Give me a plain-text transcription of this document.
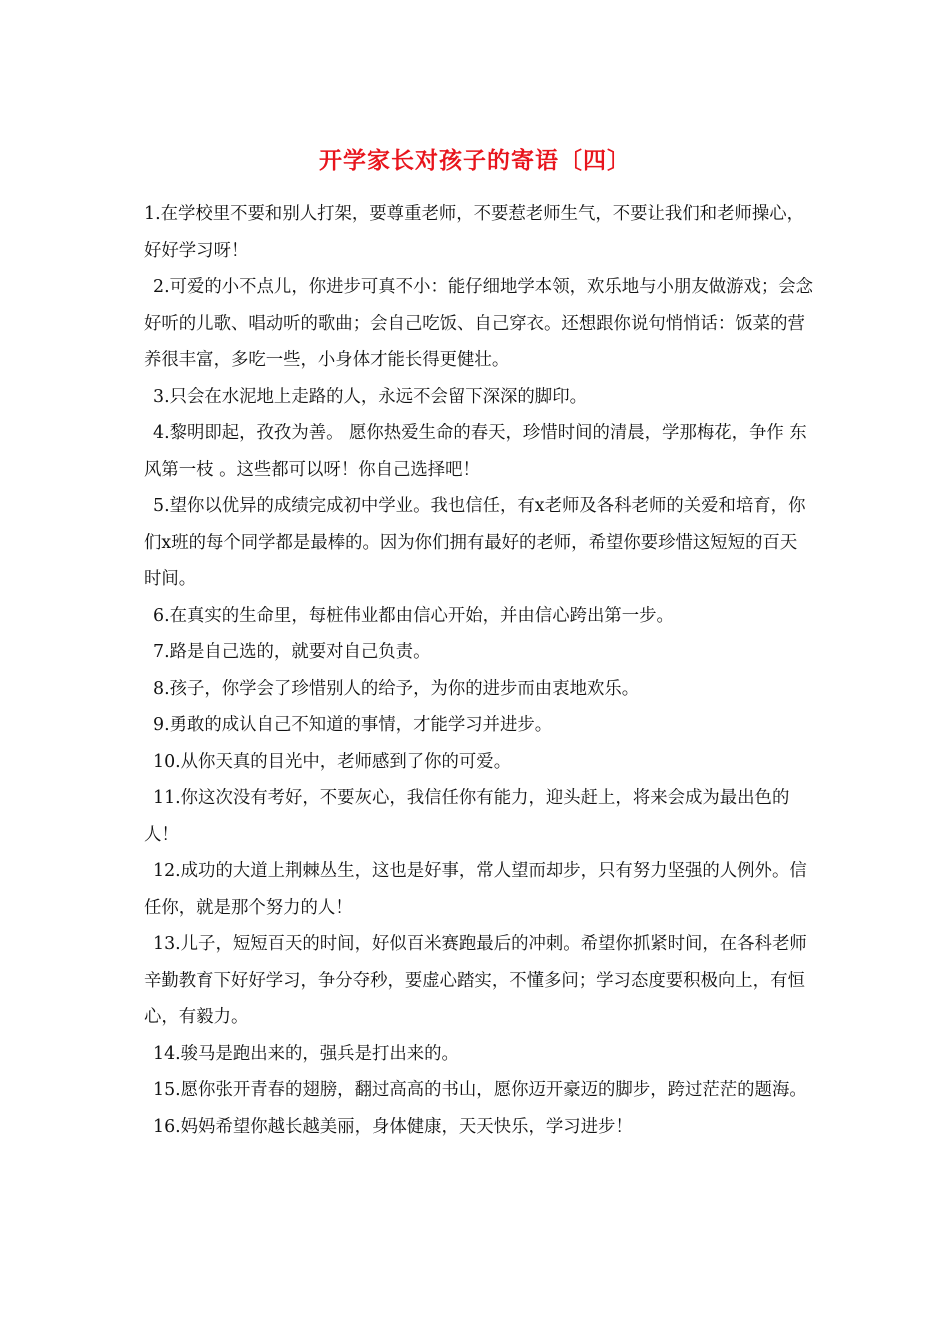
开学家长对孩子的寄语〔四〕

1.在学校里不要和别人打架，要尊重老师，不要惹老师生气，不要让我们和老师操心，好好学习呀！

2.可爱的小不点儿，你进步可真不小：能仔细地学本领，欢乐地与小朋友做游戏；会念好听的儿歌、唱动听的歌曲；会自己吃饭、自己穿衣。还想跟你说句悄悄话：饭菜的营养很丰富，多吃一些，小身体才能长得更健壮。

3.只会在水泥地上走路的人，永远不会留下深深的脚印。

4.黎明即起，孜孜为善。 愿你热爱生命的春天，珍惜时间的清晨，学那梅花，争作 东风第一枝 。这些都可以呀！你自己选择吧！

5.望你以优异的成绩完成初中学业。我也信任，有x老师及各科老师的关爱和培育，你们x班的每个同学都是最棒的。因为你们拥有最好的老师，希望你要珍惜这短短的百天时间。

6.在真实的生命里，每桩伟业都由信心开始，并由信心跨出第一步。

7.路是自己选的，就要对自己负责。

8.孩子，你学会了珍惜别人的给予，为你的进步而由衷地欢乐。

9.勇敢的成认自己不知道的事情，才能学习并进步。

10.从你天真的目光中，老师感到了你的可爱。

11.你这次没有考好，不要灰心，我信任你有能力，迎头赶上，将来会成为最出色的人！

12.成功的大道上荆棘丛生，这也是好事，常人望而却步，只有努力坚强的人例外。信任你，就是那个努力的人！

13.儿子，短短百天的时间，好似百米赛跑最后的冲刺。希望你抓紧时间，在各科老师辛勤教育下好好学习，争分夺秒，要虚心踏实，不懂多问；学习态度要积极向上，有恒心，有毅力。

14.骏马是跑出来的，强兵是打出来的。

15.愿你张开青春的翅膀，翻过高高的书山，愿你迈开豪迈的脚步，跨过茫茫的题海。

16.妈妈希望你越长越美丽，身体健康，天天快乐，学习进步！
